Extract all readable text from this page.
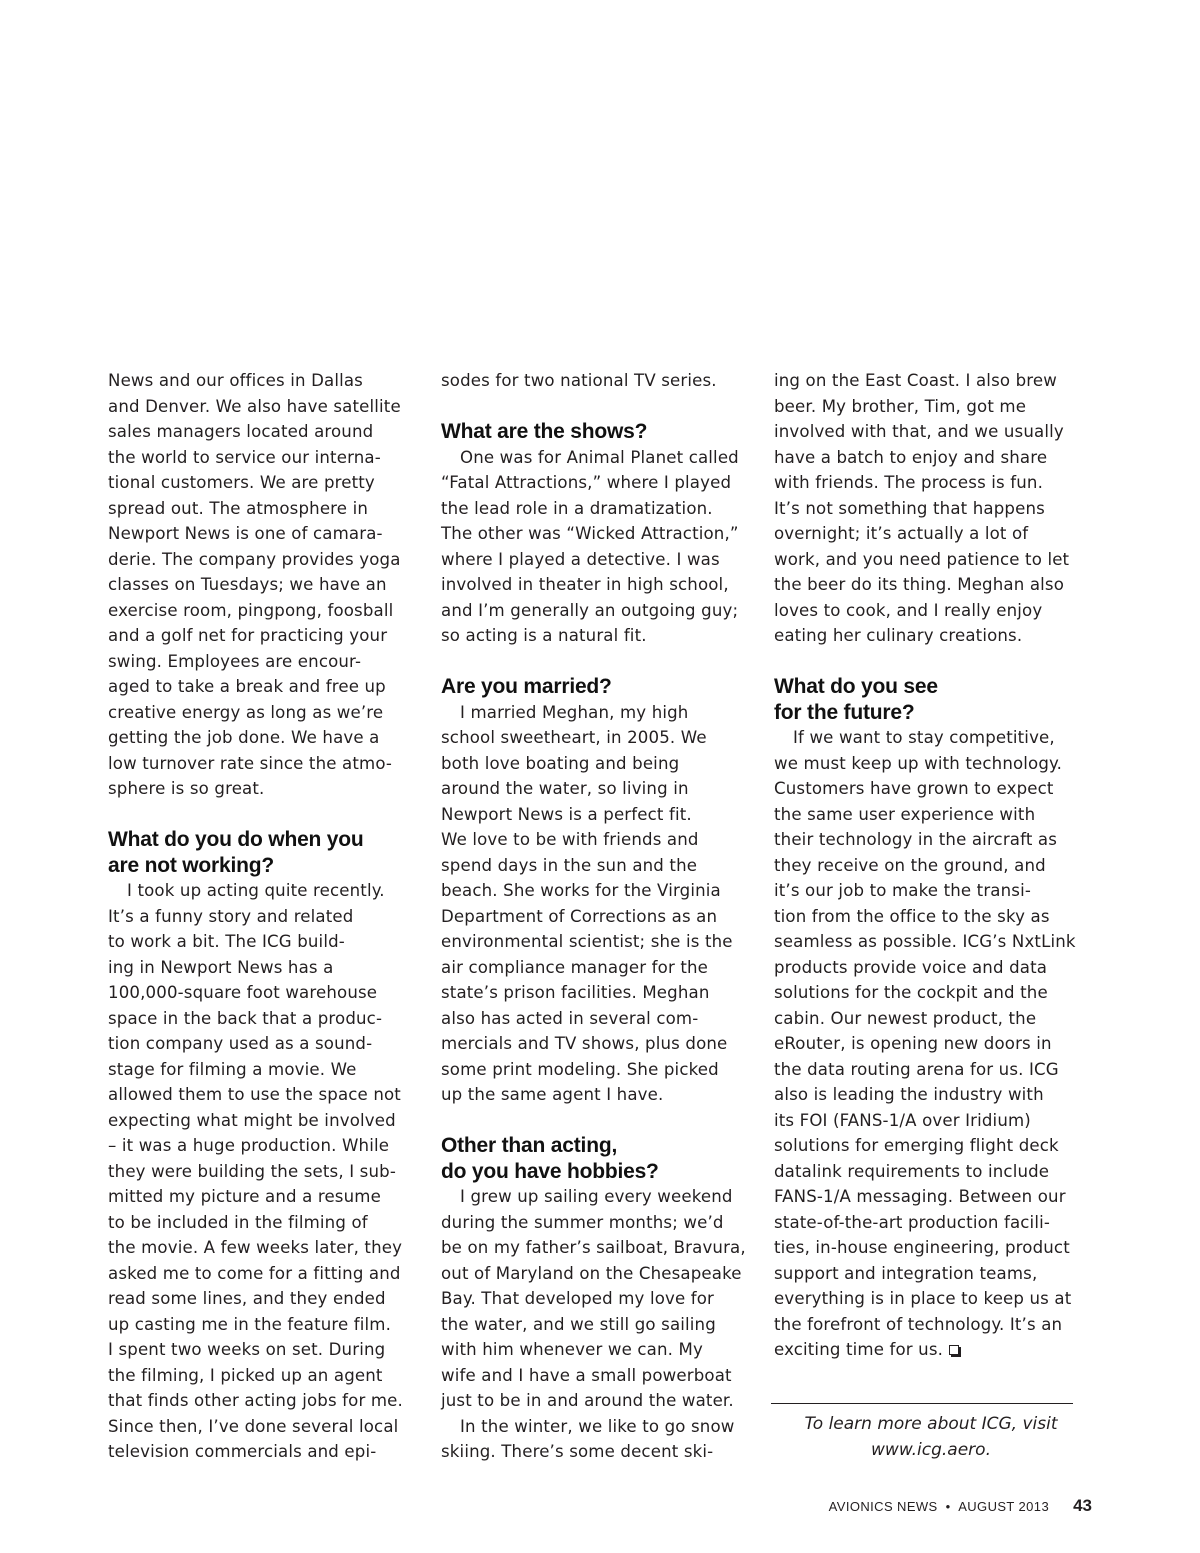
News and our offices in Dallas
and Denver. We also have satellite
sales managers located around
the world to service our interna-
tional customers. We are pretty
spread out. The atmosphere in
Newport News is one of camara-
derie. The company provides yoga
classes on Tuesdays; we have an
exercise room, pingpong, foosball
and a golf net for practicing your
swing. Employees are encour-
aged to take a break and free up
creative energy as long as we’re
getting the job done. We have a
low turnover rate since the atmo-
sphere is so great.
What do you do when you
are not working?
I took up acting quite recently.
It’s a funny story and related
to work a bit. The ICG build-
ing in Newport News has a
100,000-square foot warehouse
space in the back that a produc-
tion company used as a sound-
stage for filming a movie. We
allowed them to use the space not
expecting what might be involved
– it was a huge production. While
they were building the sets, I sub-
mitted my picture and a resume
to be included in the filming of
the movie. A few weeks later, they
asked me to come for a fitting and
read some lines, and they ended
up casting me in the feature film.
I spent two weeks on set. During
the filming, I picked up an agent
that finds other acting jobs for me.
Since then, I’ve done several local
television commercials and epi-
sodes for two national TV series.
What are the shows?
One was for Animal Planet called
“Fatal Attractions,” where I played
the lead role in a dramatization.
The other was “Wicked Attraction,”
where I played a detective. I was
involved in theater in high school,
and I’m generally an outgoing guy;
so acting is a natural fit.
Are you married?
I married Meghan, my high
school sweetheart, in 2005. We
both love boating and being
around the water, so living in
Newport News is a perfect fit.
We love to be with friends and
spend days in the sun and the
beach. She works for the Virginia
Department of Corrections as an
environmental scientist; she is the
air compliance manager for the
state’s prison facilities. Meghan
also has acted in several com-
mercials and TV shows, plus done
some print modeling. She picked
up the same agent I have.
Other than acting,
do you have hobbies?
I grew up sailing every weekend
during the summer months; we’d
be on my father’s sailboat, Bravura,
out of Maryland on the Chesapeake
Bay. That developed my love for
the water, and we still go sailing
with him whenever we can. My
wife and I have a small powerboat
just to be in and around the water.
In the winter, we like to go snow
skiing. There’s some decent ski-
ing on the East Coast. I also brew
beer. My brother, Tim, got me
involved with that, and we usually
have a batch to enjoy and share
with friends. The process is fun.
It’s not something that happens
overnight; it’s actually a lot of
work, and you need patience to let
the beer do its thing. Meghan also
loves to cook, and I really enjoy
eating her culinary creations.
What do you see
for the future?
If we want to stay competitive,
we must keep up with technology.
Customers have grown to expect
the same user experience with
their technology in the aircraft as
they receive on the ground, and
it’s our job to make the transi-
tion from the office to the sky as
seamless as possible. ICG’s NxtLink
products provide voice and data
solutions for the cockpit and the
cabin. Our newest product, the
eRouter, is opening new doors in
the data routing arena for us. ICG
also is leading the industry with
its FOI (FANS-1/A over Iridium)
solutions for emerging flight deck
datalink requirements to include
FANS-1/A messaging. Between our
state-of-the-art production facili-
ties, in-house engineering, product
support and integration teams,
everything is in place to keep us at
the forefront of technology. It’s an
exciting time for us.
To learn more about ICG, visit
www.icg.aero.
AVIONICS NEWS • AUGUST 2013 43
